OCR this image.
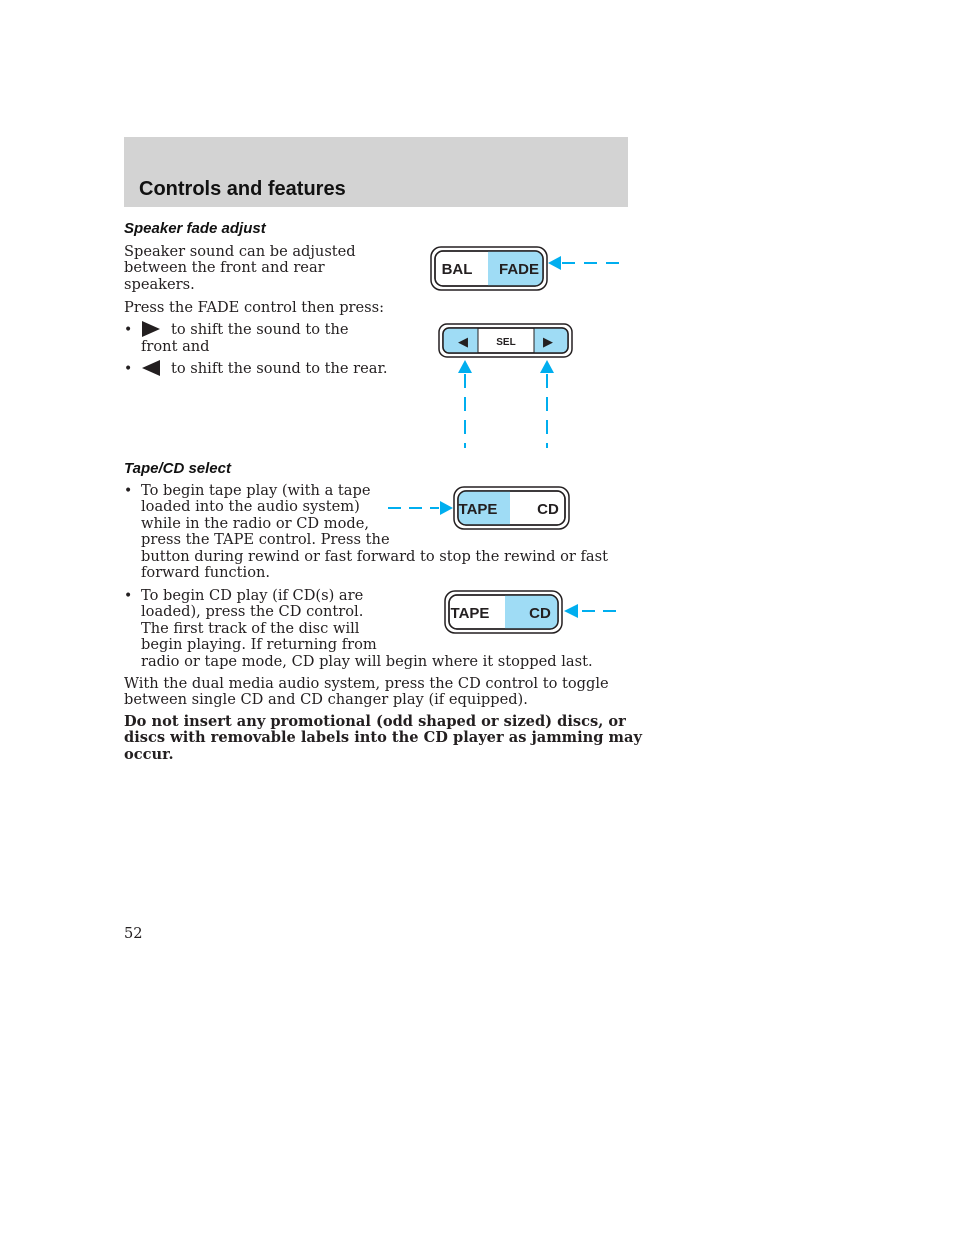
Controls and features
Speaker fade adjust
Speaker sound can be adjusted
between the front and rear
speakers.
Press the FADE control then press:
•	to shift the sound to the
front and
•	to shift the sound to the rear.
BAL FADE
◀	SEL ▶
Tape/CD select
• To begin tape play (with a tape
loaded into the audio system)
while in the radio or CD mode,
press the TAPE control. Press the
button during rewind or fast forward to stop the rewind or fast
forward function.
TAPE	CD
• To begin CD play (if CD(s) are
loaded), press the CD control.
The first track of the disc will
begin playing. If returning from
radio or tape mode, CD play will begin where it stopped last.
TAPE	CD
With the dual media audio system, press the CD control to toggle
between single CD and CD changer play (if equipped).
Do not insert any promotional (odd shaped or sized) discs, or
discs with removable labels into the CD player as jamming may
occur.
52
